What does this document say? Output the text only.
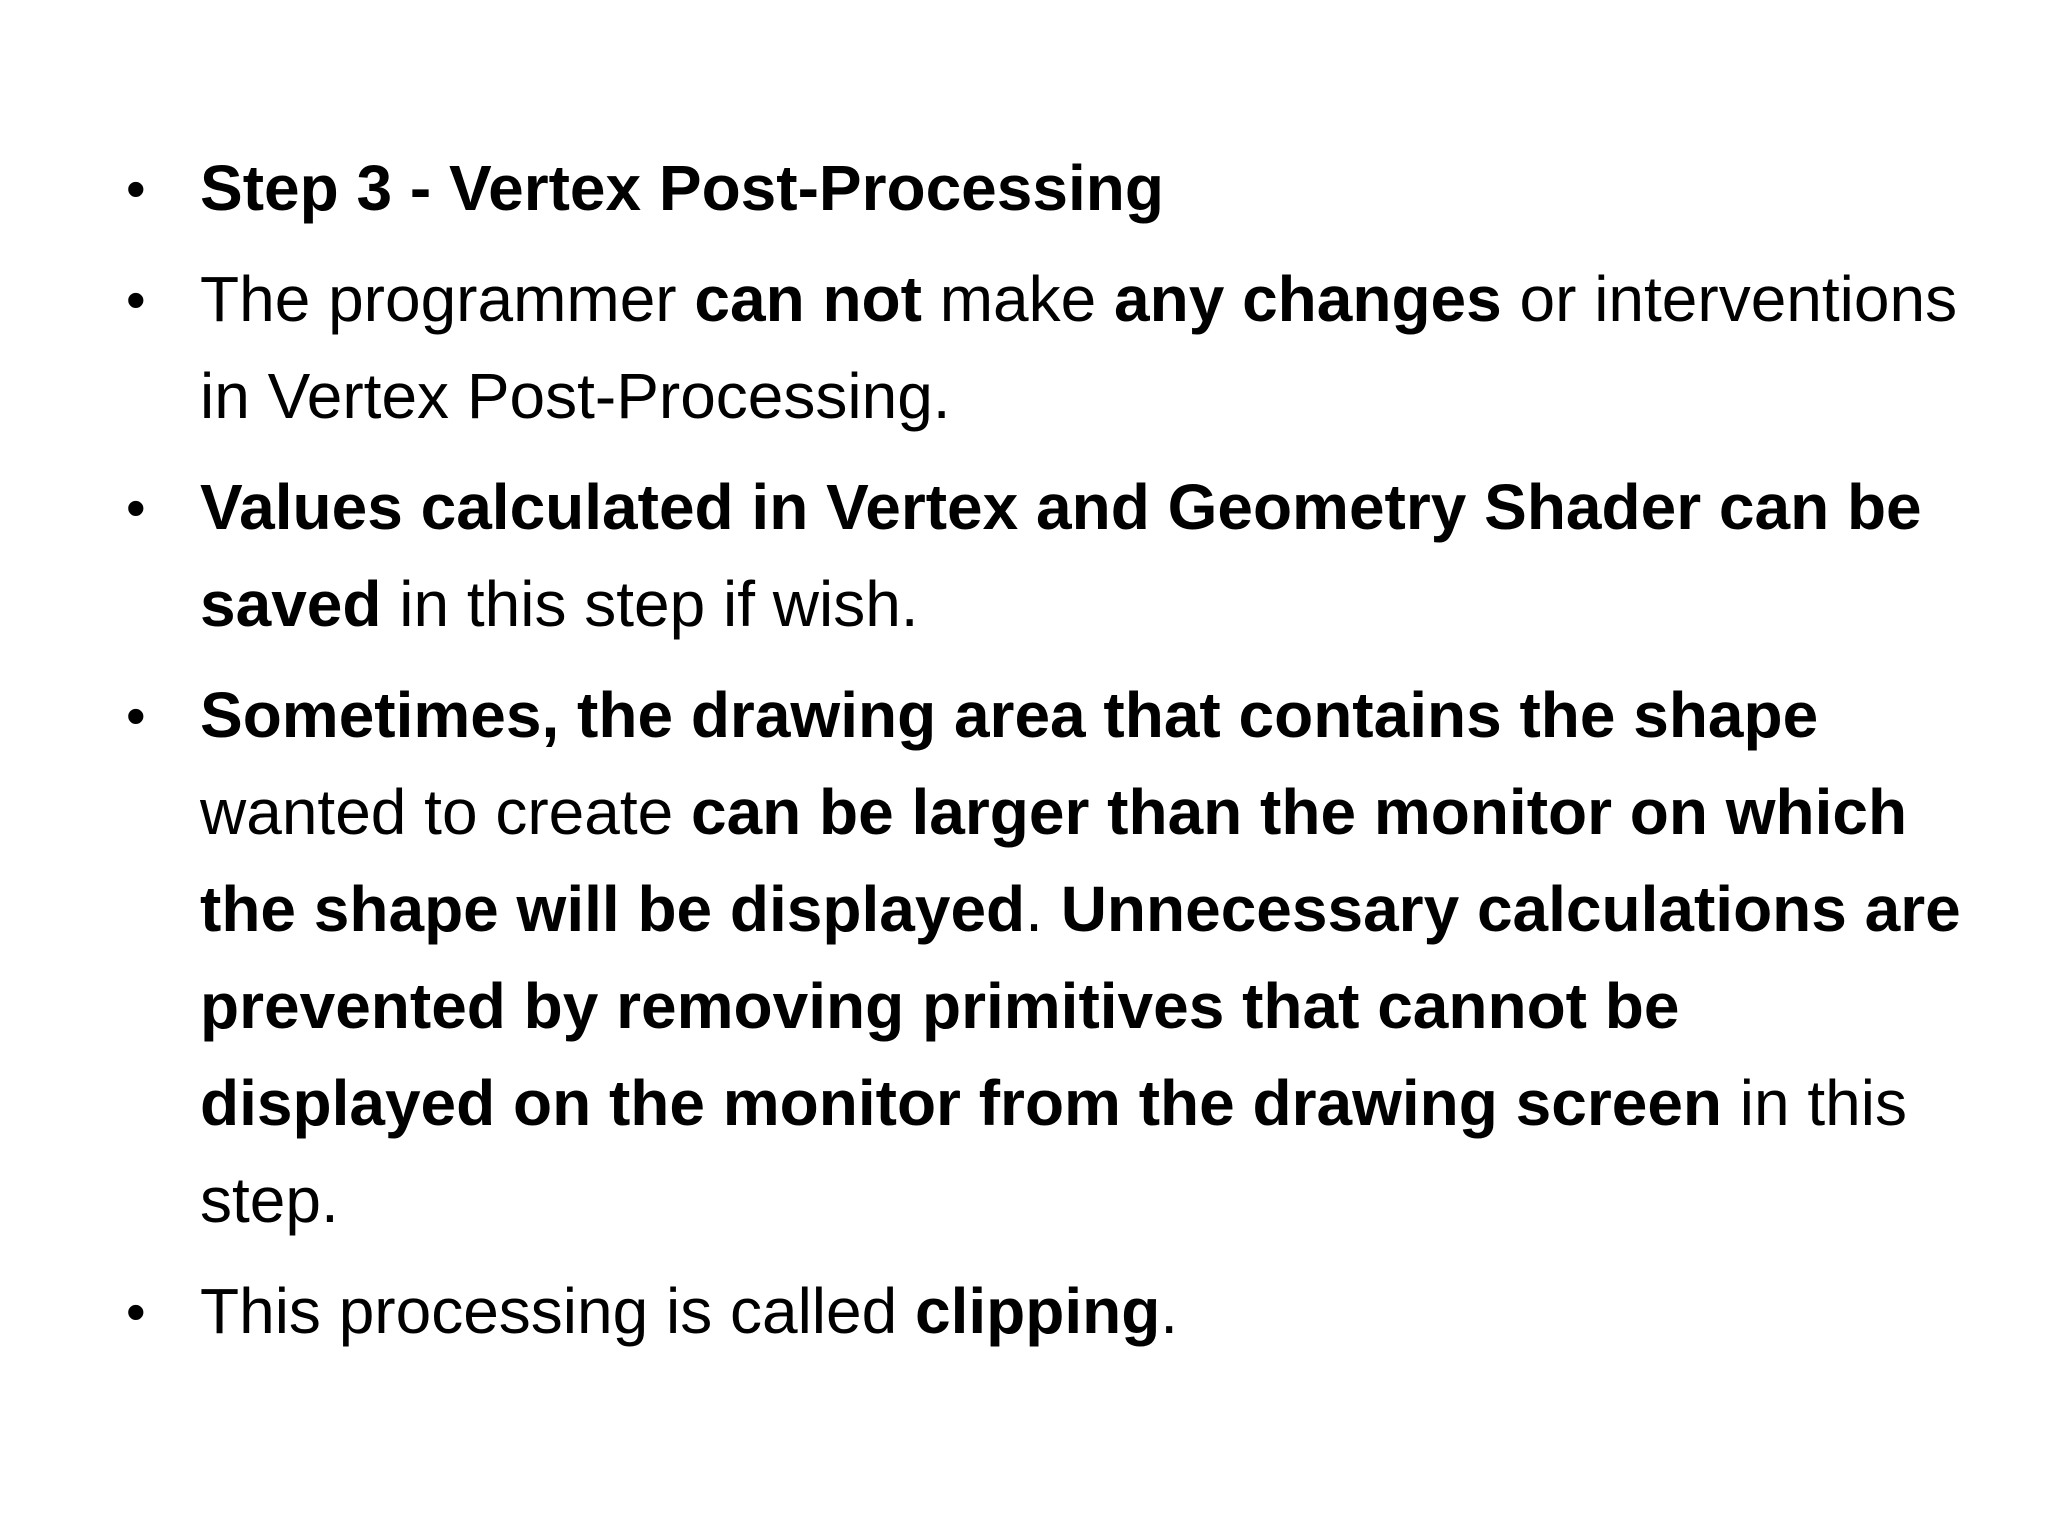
• Step 3 - Vertex Post-Processing
• The programmer can not make any changes or interventions in Vertex Post-Processing.
• Values calculated in Vertex and Geometry Shader can be saved in this step if wish.
• Sometimes, the drawing area that contains the shape wanted to create can be larger than the monitor on which the shape will be displayed. Unnecessary calculations are prevented by removing primitives that cannot be displayed on the monitor from the drawing screen in this step.
• This processing is called clipping.
